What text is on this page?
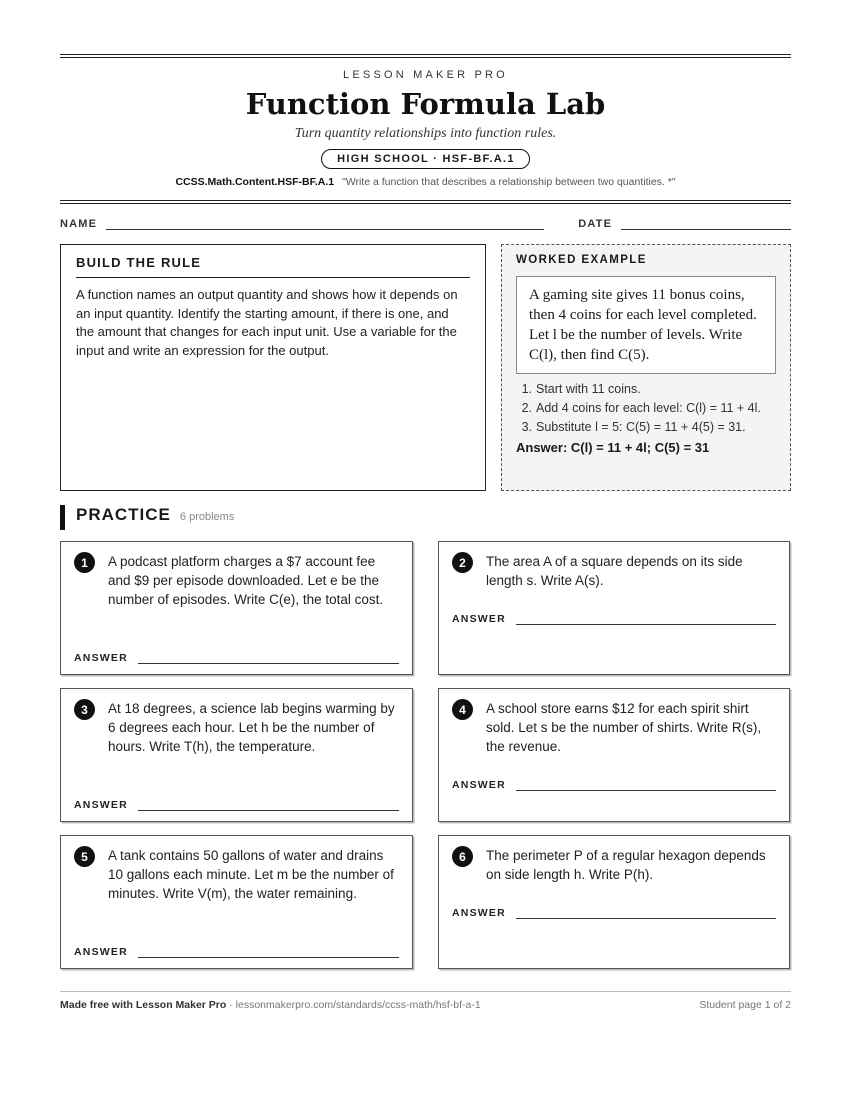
LESSON MAKER PRO
Function Formula Lab
Turn quantity relationships into function rules.
HIGH SCHOOL · HSF-BF.A.1
CCSS.Math.Content.HSF-BF.A.1 "Write a function that describes a relationship between two quantities. *"
NAME	DATE
BUILD THE RULE
A function names an output quantity and shows how it depends on an input quantity. Identify the starting amount, if there is one, and the amount that changes for each input unit. Use a variable for the input and write an expression for the output.
WORKED EXAMPLE
A gaming site gives 11 bonus coins, then 4 coins for each level completed. Let l be the number of levels. Write C(l), then find C(5).
1. Start with 11 coins.
2. Add 4 coins for each level: C(l) = 11 + 4l.
3. Substitute l = 5: C(5) = 11 + 4(5) = 31.
Answer: C(l) = 11 + 4l; C(5) = 31
PRACTICE 6 problems
1	A podcast platform charges a $7 account fee and $9 per episode downloaded. Let e be the number of episodes. Write C(e), the total cost.
ANSWER
2	The area A of a square depends on its side length s. Write A(s).
ANSWER
3	At 18 degrees, a science lab begins warming by 6 degrees each hour. Let h be the number of hours. Write T(h), the temperature.
ANSWER
4	A school store earns $12 for each spirit shirt sold. Let s be the number of shirts. Write R(s), the revenue.
ANSWER
5	A tank contains 50 gallons of water and drains 10 gallons each minute. Let m be the number of minutes. Write V(m), the water remaining.
ANSWER
6	The perimeter P of a regular hexagon depends on side length h. Write P(h).
ANSWER
Made free with Lesson Maker Pro · lessonmakerpro.com/standards/ccss-math/hsf-bf-a-1	Student page 1 of 2
